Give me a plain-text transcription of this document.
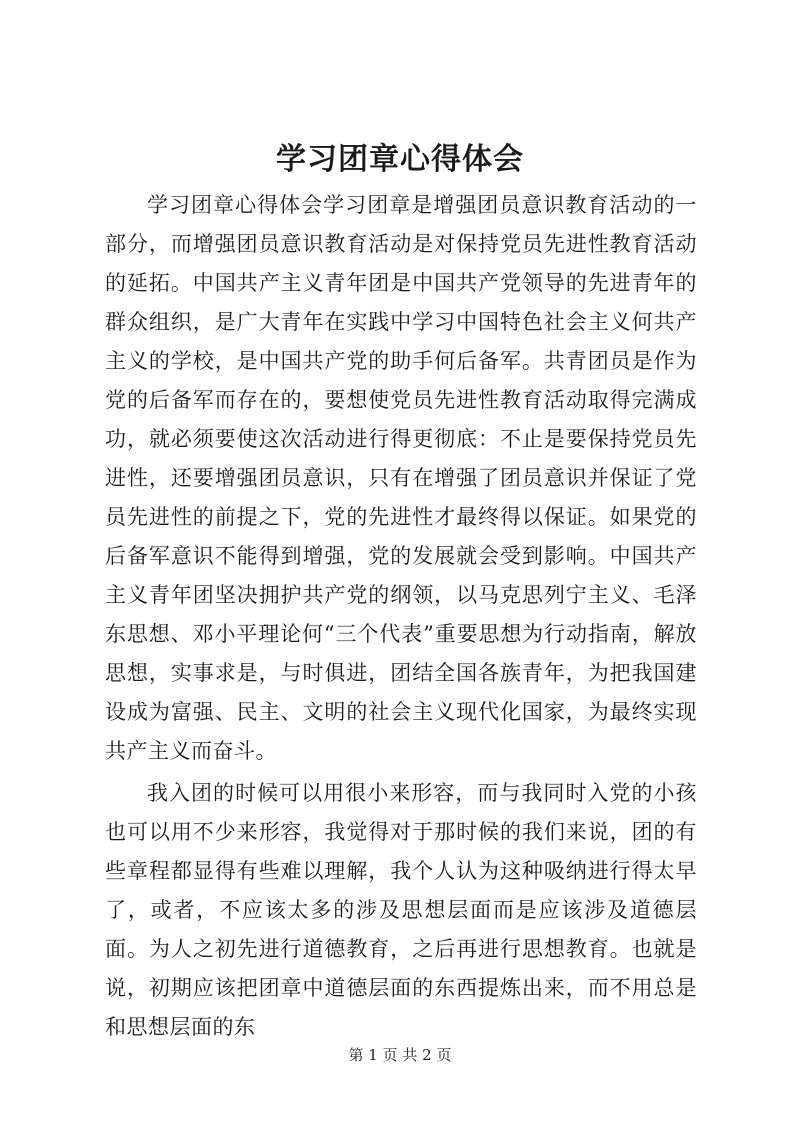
学习团章心得体会

学习团章心得体会学习团章是增强团员意识教育活动的一部分，而增强团员意识教育活动是对保持党员先进性教育活动的延拓。中国共产主义青年团是中国共产党领导的先进青年的群众组织，是广大青年在实践中学习中国特色社会主义何共产主义的学校，是中国共产党的助手何后备军。共青团员是作为党的后备军而存在的，要想使党员先进性教育活动取得完满成功，就必须要使这次活动进行得更彻底：不止是要保持党员先进性，还要增强团员意识，只有在增强了团员意识并保证了党员先进性的前提之下，党的先进性才最终得以保证。如果党的后备军意识不能得到增强，党的发展就会受到影响。中国共产主义青年团坚决拥护共产党的纲领，以马克思列宁主义、毛泽东思想、邓小平理论何“三个代表”重要思想为行动指南，解放思想，实事求是，与时俱进，团结全国各族青年，为把我国建设成为富强、民主、文明的社会主义现代化国家，为最终实现共产主义而奋斗。

我入团的时候可以用很小来形容，而与我同时入党的小孩也可以用不少来形容，我觉得对于那时候的我们来说，团的有些章程都显得有些难以理解，我个人认为这种吸纳进行得太早了，或者，不应该太多的涉及思想层面而是应该涉及道德层面。为人之初先进行道德教育，之后再进行思想教育。也就是说，初期应该把团章中道德层面的东西提炼出来，而不用总是和思想层面的东

第 1 页 共 2 页
